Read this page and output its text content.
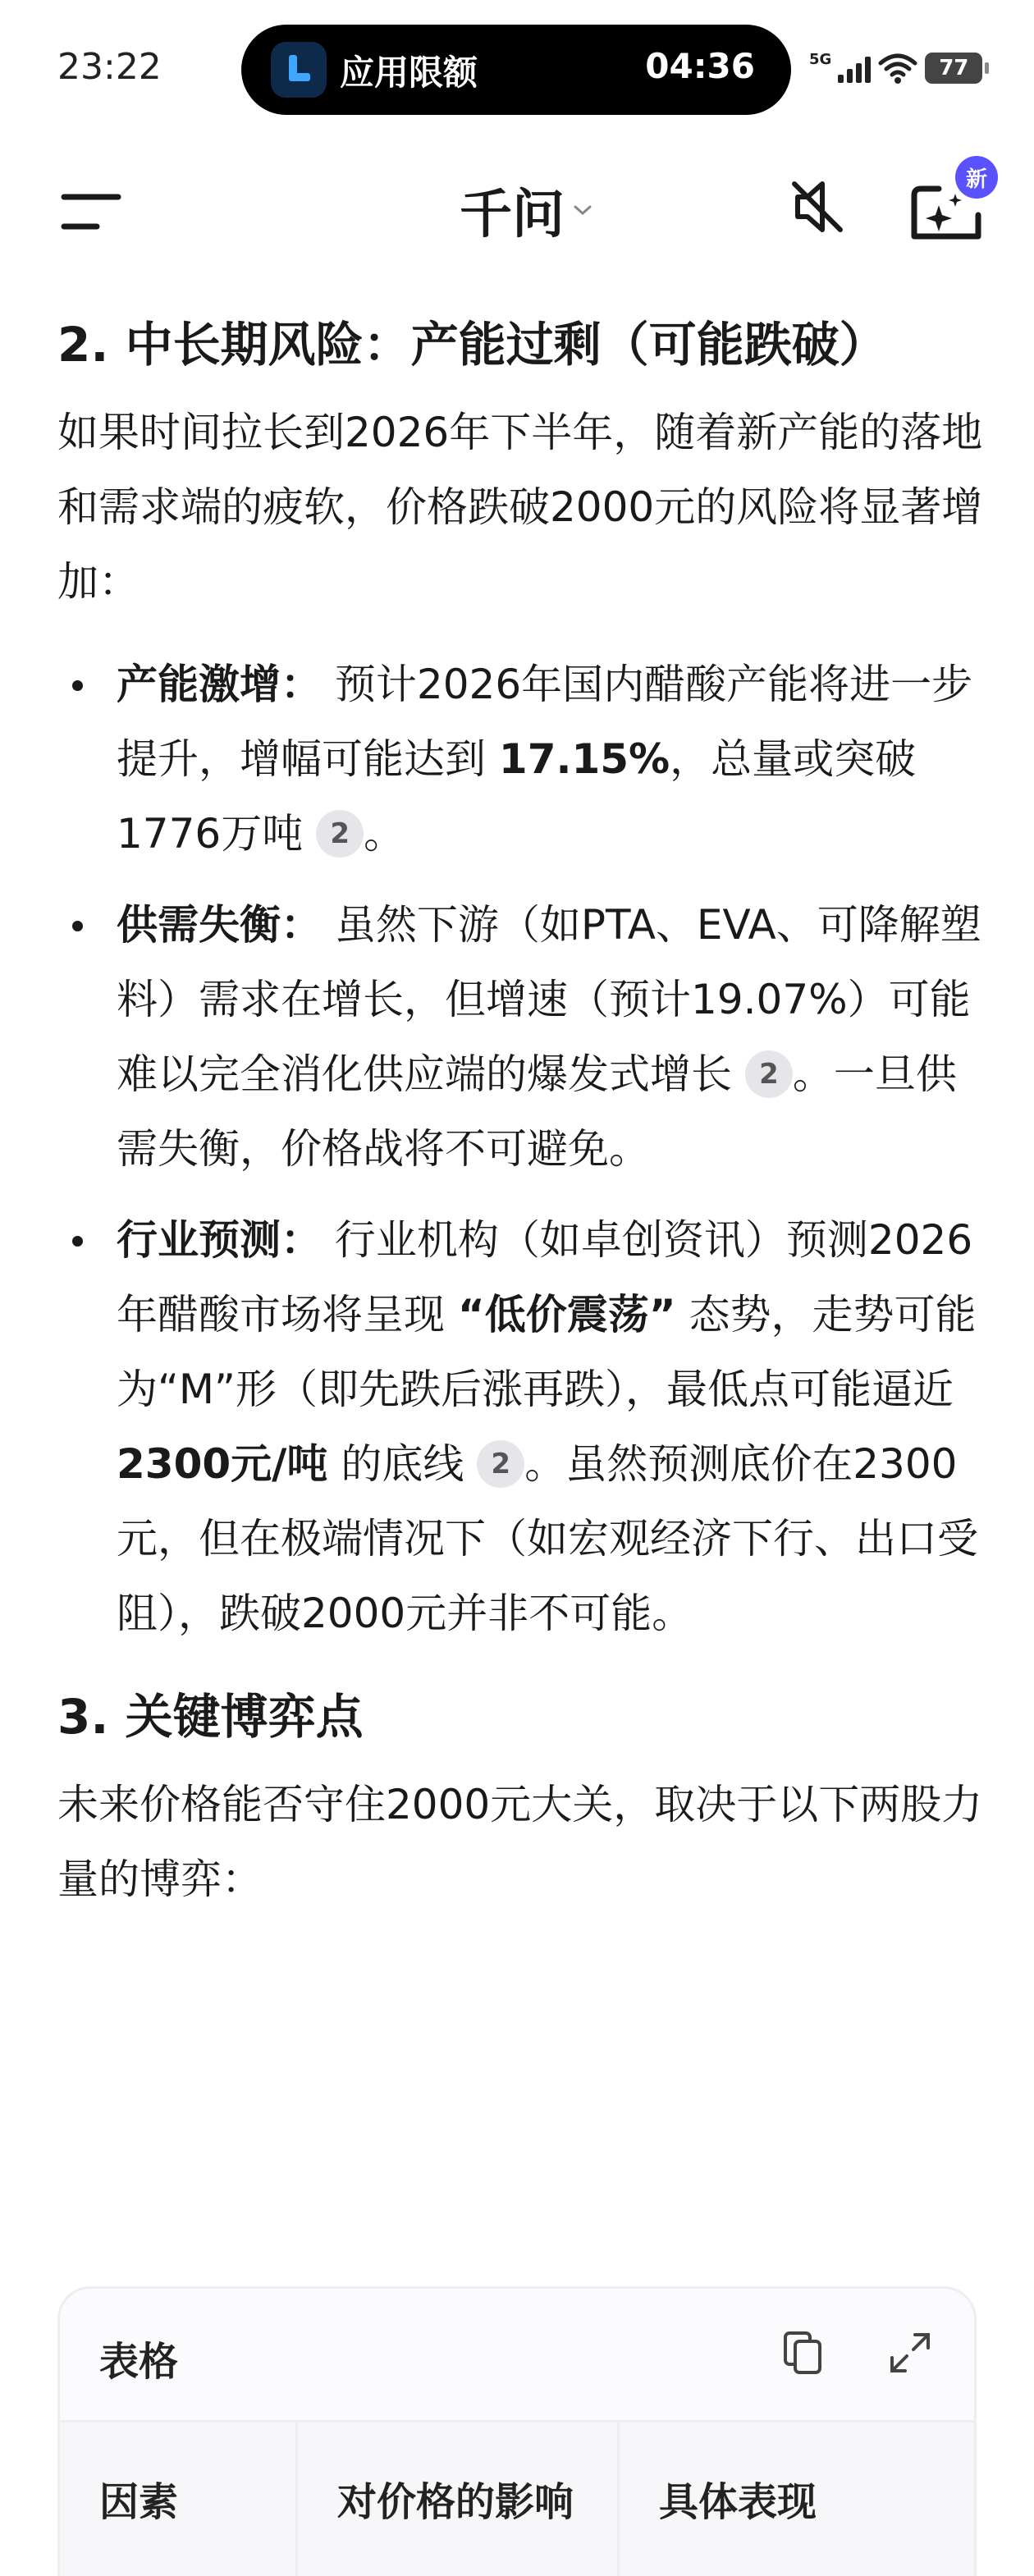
23:22	应用限额	04:36	5G	77
千问
新
2. 中长期风险：产能过剩（可能跌破）

如果时间拉长到2026年下半年，随着新产能的落地和需求端的疲软，价格跌破2000元的风险将显著增加：

产能激增： 预计2026年国内醋酸产能将进一步提升，增幅可能达到 17.15%，总量或突破1776万吨 2 。
供需失衡： 虽然下游（如PTA、EVA、可降解塑料）需求在增长，但增速（预计19.07%）可能难以完全消化供应端的爆发式增长 2 。一旦供需失衡，价格战将不可避免。
行业预测： 行业机构（如卓创资讯）预测2026年醋酸市场将呈现 “低价震荡” 态势，走势可能为“M”形（即先跌后涨再跌），最低点可能逼近 2300元/吨 的底线 2 。虽然预测底价在2300元，但在极端情况下（如宏观经济下行、出口受阻），跌破2000元并非不可能。
3. 关键博弈点

未来价格能否守住2000元大关，取决于以下两股力量的博弈：

表格
因素	对价格的影响	具体表现
